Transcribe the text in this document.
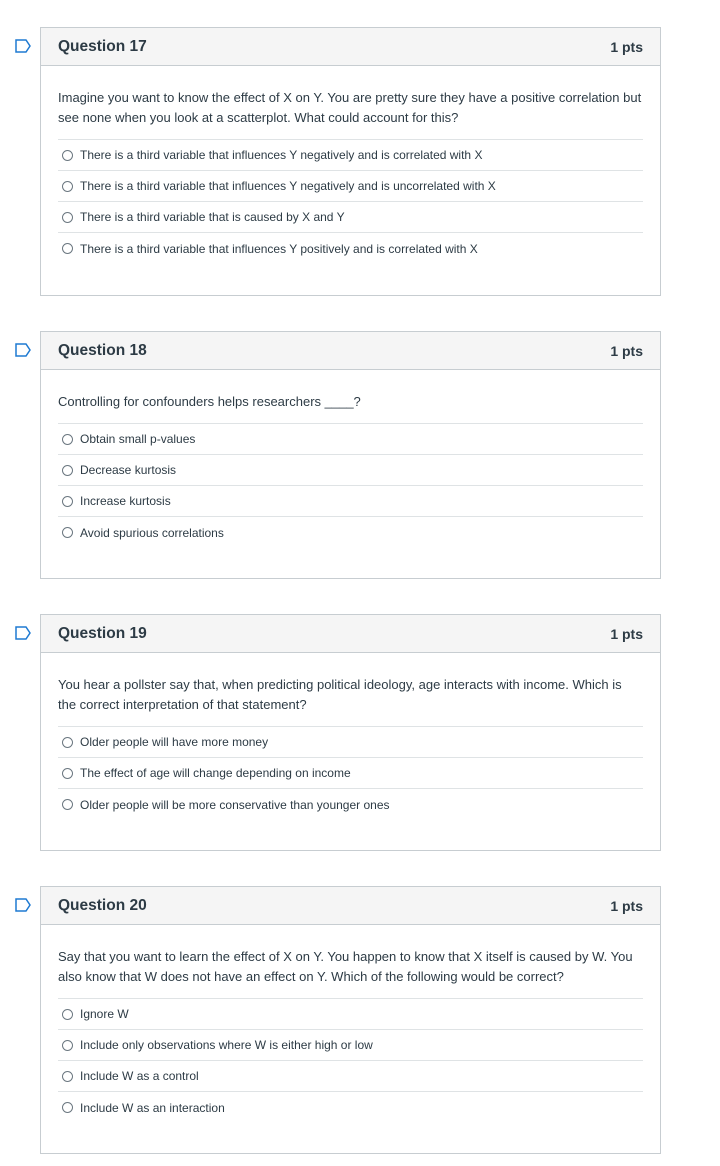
Question 17	1 pts

Imagine you want to know the effect of X on Y. You are pretty sure they have a positive correlation but see none when you look at a scatterplot. What could account for this?

There is a third variable that influences Y negatively and is correlated with X
There is a third variable that influences Y negatively and is uncorrelated with X
There is a third variable that is caused by X and Y
There is a third variable that influences Y positively and is correlated with X
Question 18	1 pts

Controlling for confounders helps researchers ____?

Obtain small p-values
Decrease kurtosis
Increase kurtosis
Avoid spurious correlations
Question 19	1 pts

You hear a pollster say that, when predicting political ideology, age interacts with income. Which is the correct interpretation of that statement?

Older people will have more money
The effect of age will change depending on income
Older people will be more conservative than younger ones
Question 20	1 pts

Say that you want to learn the effect of X on Y. You happen to know that X itself is caused by W. You also know that W does not have an effect on Y. Which of the following would be correct?

Ignore W
Include only observations where W is either high or low
Include W as a control
Include W as an interaction
